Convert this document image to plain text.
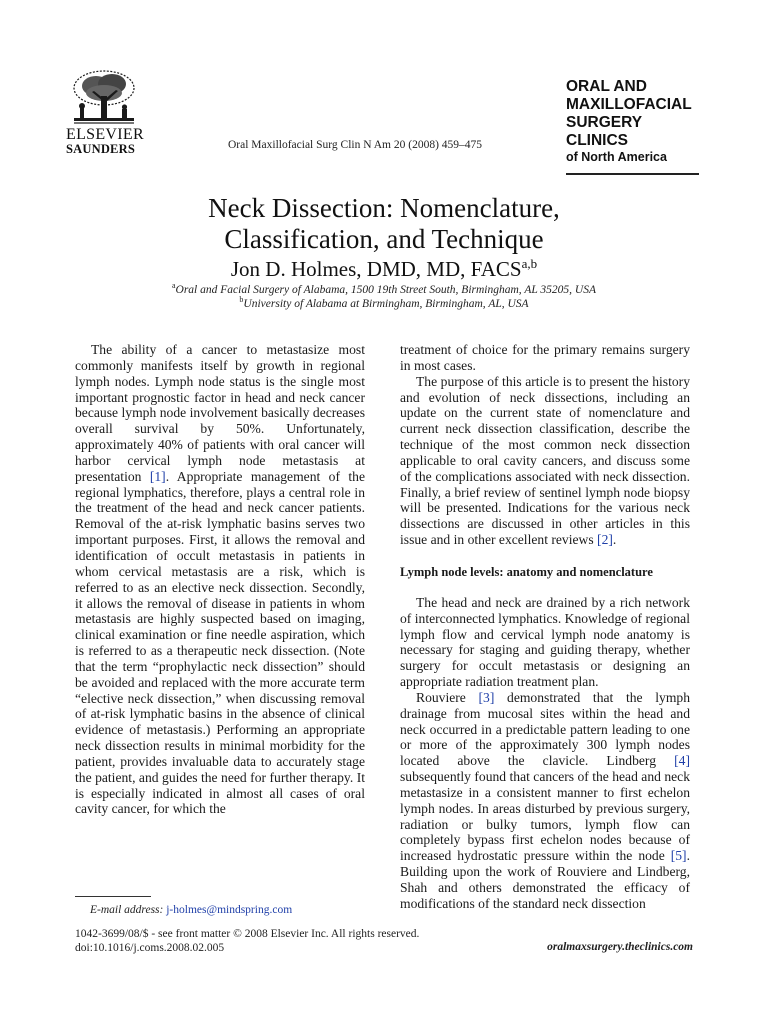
ELSEVIER
SAUNDERS	Oral Maxillofacial Surg Clin N Am 20 (2008) 459–475
ORAL AND
MAXILLOFACIAL
SURGERY CLINICS
of North America
Neck Dissection: Nomenclature,
Classification, and Technique
Jon D. Holmes, DMD, MD, FACS$^{a,b}$
$^a$Oral and Facial Surgery of Alabama, 1500 19th Street South, Birmingham, AL 35205, USA
$^b$University of Alabama at Birmingham, Birmingham, AL, USA

The ability of a cancer to metastasize most commonly manifests itself by growth in regional lymph nodes. Lymph node status is the single most important prognostic factor in head and neck cancer because lymph node involvement basically decreases overall survival by 50%. Unfortunately, approximately 40% of patients with oral cancer will harbor cervical lymph node metastasis at presentation [1]. Appropriate management of the regional lymphatics, therefore, plays a central role in the treatment of the head and neck cancer patients. Removal of the at-risk lymphatic basins serves two important purposes. First, it allows the removal and identification of occult metastasis in patients in whom cervical metastasis are a risk, which is referred to as an elective neck dissection. Secondly, it allows the removal of disease in patients in whom metastasis are highly suspected based on imaging, clinical examination or fine needle aspiration, which is referred to as a therapeutic neck dissection. (Note that the term “prophylactic neck dissection” should be avoided and replaced with the more accurate term “elective neck dissection,” when discussing removal of at-risk lymphatic basins in the absence of clinical evidence of metastasis.) Performing an appropriate neck dissection results in minimal morbidity for the patient, provides invaluable data to accurately stage the patient, and guides the need for further therapy. It is especially indicated in almost all cases of oral cavity cancer, for which the

treatment of choice for the primary remains surgery in most cases.

The purpose of this article is to present the history and evolution of neck dissections, including an update on the current state of nomenclature and current neck dissection classification, describe the technique of the most common neck dissection applicable to oral cavity cancers, and discuss some of the complications associated with neck dissection. Finally, a brief review of sentinel lymph node biopsy will be presented. Indications for the various neck dissections are discussed in other articles in this issue and in other excellent reviews [2].

Lymph node levels: anatomy and nomenclature

The head and neck are drained by a rich network of interconnected lymphatics. Knowledge of regional lymph flow and cervical lymph node anatomy is necessary for staging and guiding therapy, whether surgery for occult metastasis or designing an appropriate radiation treatment plan.

Rouviere [3] demonstrated that the lymph drainage from mucosal sites within the head and neck occurred in a predictable pattern leading to one or more of the approximately 300 lymph nodes located above the clavicle. Lindberg [4] subsequently found that cancers of the head and neck metastasize in a consistent manner to first echelon lymph nodes. In areas disturbed by previous surgery, radiation or bulky tumors, lymph flow can completely bypass first echelon nodes because of increased hydrostatic pressure within the node [5]. Building upon the work of Rouviere and Lindberg, Shah and others demonstrated the efficacy of modifications of the standard neck dissection

E-mail address: j-holmes@mindspring.com
1042-3699/08/$ - see front matter © 2008 Elsevier Inc. All rights reserved.
doi:10.1016/j.coms.2008.02.005	oralmaxsurgery.theclinics.com
